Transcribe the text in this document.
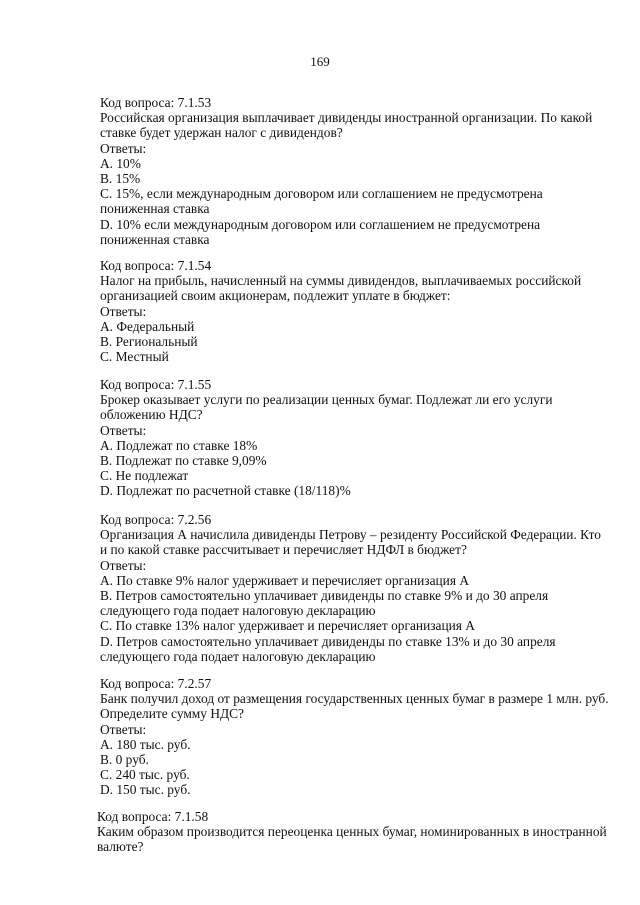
169
Код вопроса: 7.1.53
Российская организация выплачивает дивиденды иностранной организации. По какой ставке будет удержан налог с дивидендов?
Ответы:
А. 10%
В. 15%
С. 15%, если международным договором или соглашением не предусмотрена пониженная ставка
D. 10% если международным договором или соглашением не предусмотрена пониженная ставка
Код вопроса: 7.1.54
Налог на прибыль, начисленный на суммы дивидендов, выплачиваемых российской организацией своим акционерам, подлежит уплате в бюджет:
Ответы:
А. Федеральный
В. Региональный
С. Местный
Код вопроса: 7.1.55
Брокер оказывает услуги по реализации ценных бумаг. Подлежат ли его услуги обложению НДС?
Ответы:
А. Подлежат по ставке 18%
В. Подлежат по ставке 9,09%
С. Не подлежат
D. Подлежат по расчетной ставке (18/118)%
Код вопроса: 7.2.56
Организация А начислила дивиденды Петрову – резиденту Российской Федерации. Кто и по какой ставке рассчитывает и перечисляет НДФЛ в бюджет?
Ответы:
А. По ставке 9% налог удерживает и перечисляет организация А
В. Петров самостоятельно уплачивает дивиденды по ставке 9% и до 30 апреля следующего года подает налоговую декларацию
С. По ставке 13% налог удерживает и перечисляет организация А
D. Петров самостоятельно уплачивает дивиденды по ставке 13% и до 30 апреля следующего года подает налоговую декларацию
Код вопроса: 7.2.57
Банк получил доход от размещения государственных ценных бумаг в размере 1 млн. руб. Определите сумму НДС?
Ответы:
А. 180 тыс. руб.
В. 0 руб.
С. 240 тыс. руб.
D. 150 тыс. руб.
Код вопроса: 7.1.58
Каким образом производится переоценка ценных бумаг, номинированных в иностранной валюте?
